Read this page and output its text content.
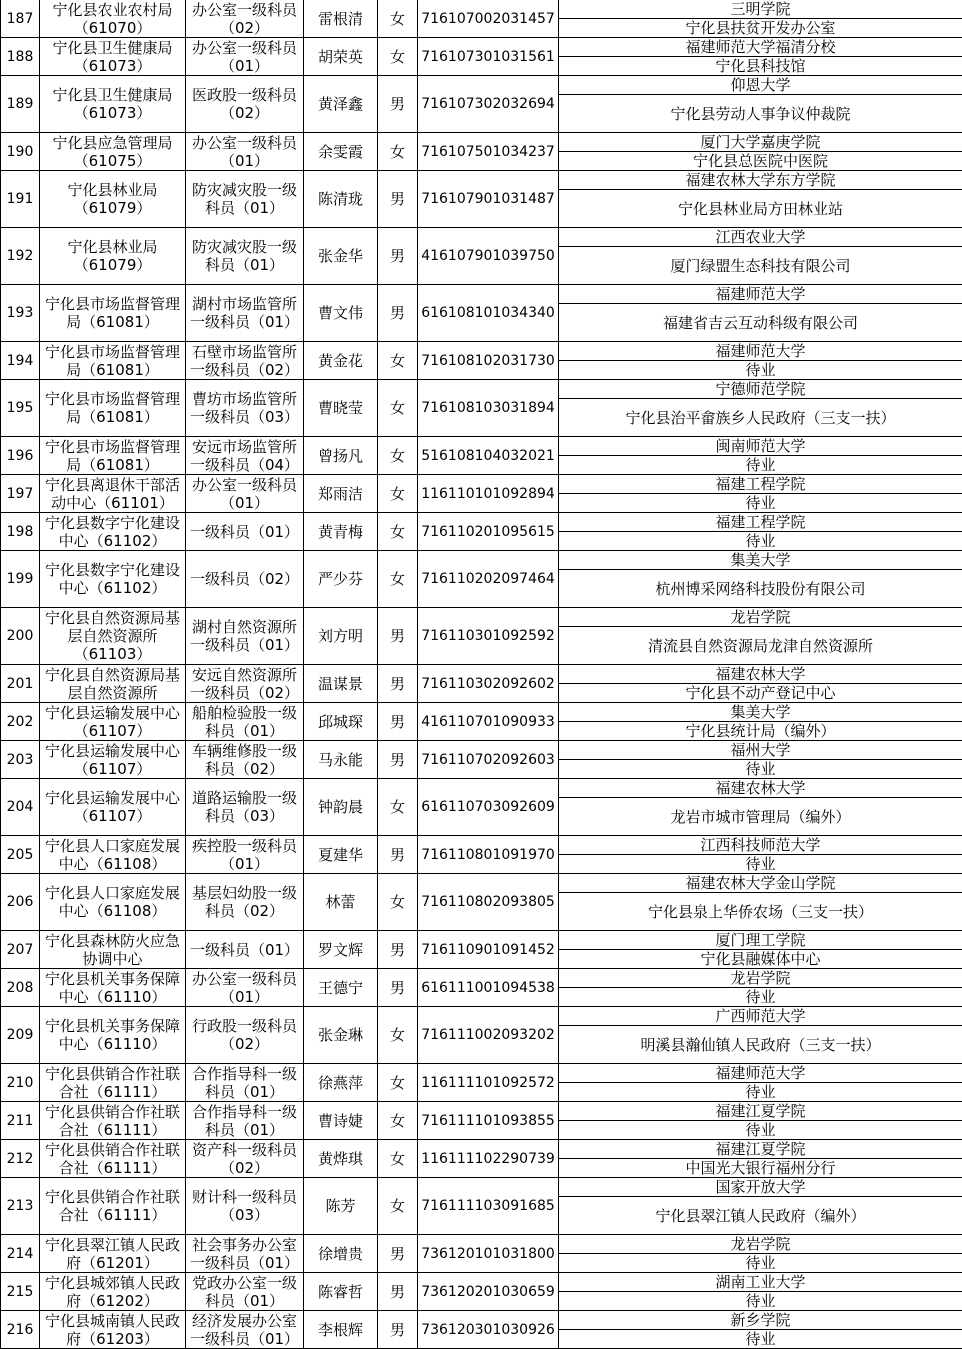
187	宁化县农业农村局（61070）	办公室一级科员（02）	雷根清	女	716107002031457	三明学院
宁化县扶贫开发办公室

188	宁化县卫生健康局（61073）	办公室一级科员（01）	胡荣英	女	716107301031561	福建师范大学福清分校
宁化县科技馆

189	宁化县卫生健康局（61073）	医政股一级科员（02）	黄泽鑫	男	716107302032694	仰恩大学
宁化县劳动人事争议仲裁院

190	宁化县应急管理局（61075）	办公室一级科员（01）	余雯霞	女	716107501034237	厦门大学嘉庚学院
宁化县总医院中医院

191	宁化县林业局（61079）	防灾减灾股一级科员（01）	陈清珑	男	716107901031487	福建农林大学东方学院
宁化县林业局方田林业站

192	宁化县林业局（61079）	防灾减灾股一级科员（01）	张金华	男	416107901039750	江西农业大学
厦门绿盟生态科技有限公司

193	宁化县市场监督管理局（61081）	湖村市场监管所一级科员（01）	曹文伟	男	616108101034340	福建师范大学
福建省吉云互动科级有限公司

194	宁化县市场监督管理局（61081）	石壁市场监管所一级科员（02）	黄金花	女	716108102031730	福建师范大学
待业

195	宁化县市场监督管理局（61081）	曹坊市场监管所一级科员（03）	曹晓莹	女	716108103031894	宁德师范学院
宁化县治平畲族乡人民政府（三支一扶）

196	宁化县市场监督管理局（61081）	安远市场监管所一级科员（04）	曾扬凡	女	516108104032021	闽南师范大学
待业

197	宁化县离退休干部活动中心（61101）	办公室一级科员（01）	郑雨洁	女	116110101092894	福建工程学院
待业

198	宁化县数字宁化建设中心（61102）	一级科员（01）	黄青梅	女	716110201095615	福建工程学院
待业

199	宁化县数字宁化建设中心（61102）	一级科员（02）	严少芬	女	716110202097464	集美大学
杭州博采网络科技股份有限公司

200	宁化县自然资源局基层自然资源所（61103）	湖村自然资源所一级科员（01）	刘方明	男	716110301092592	龙岩学院
清流县自然资源局龙津自然资源所

201	宁化县自然资源局基层自然资源所	安远自然资源所一级科员（02）	温谋景	男	716110302092602	福建农林大学
宁化县不动产登记中心

202	宁化县运输发展中心（61107）	船舶检验股一级科员（01）	邱城琛	男	416110701090933	集美大学
宁化县统计局（编外）

203	宁化县运输发展中心（61107）	车辆维修股一级科员（02）	马永能	男	716110702092603	福州大学
待业

204	宁化县运输发展中心（61107）	道路运输股一级科员（03）	钟韵晨	女	616110703092609	福建农林大学
龙岩市城市管理局（编外）

205	宁化县人口家庭发展中心（61108）	疾控股一级科员（01）	夏建华	男	716110801091970	江西科技师范大学
待业

206	宁化县人口家庭发展中心（61108）	基层妇幼股一级科员（02）	林蕾	女	716110802093805	福建农林大学金山学院
宁化县泉上华侨农场（三支一扶）

207	宁化县森林防火应急协调中心	一级科员（01）	罗文辉	男	716110901091452	厦门理工学院
宁化县融媒体中心

208	宁化县机关事务保障中心（61110）	办公室一级科员（01）	王德宁	男	616111001094538	龙岩学院
待业

209	宁化县机关事务保障中心（61110）	行政股一级科员（02）	张金琳	女	716111002093202	广西师范大学
明溪县瀚仙镇人民政府（三支一扶）

210	宁化县供销合作社联合社（61111）	合作指导科一级科员（01）	徐燕萍	女	116111101092572	福建师范大学
待业

211	宁化县供销合作社联合社（61111）	合作指导科一级科员（01）	曹诗婕	女	716111101093855	福建江夏学院
待业

212	宁化县供销合作社联合社（61111）	资产科一级科员（02）	黄烨琪	女	116111102290739	福建江夏学院
中国光大银行福州分行

213	宁化县供销合作社联合社（61111）	财计科一级科员（03）	陈芳	女	716111103091685	国家开放大学
宁化县翠江镇人民政府（编外）

214	宁化县翠江镇人民政府（61201）	社会事务办公室一级科员（01）	徐增贵	男	736120101031800	龙岩学院
待业

215	宁化县城郊镇人民政府（61202）	党政办公室一级科员（01）	陈睿哲	男	736120201030659	湖南工业大学
待业

216	宁化县城南镇人民政府（61203）	经济发展办公室一级科员（01）	李根辉	男	736120301030926	新乡学院
待业
